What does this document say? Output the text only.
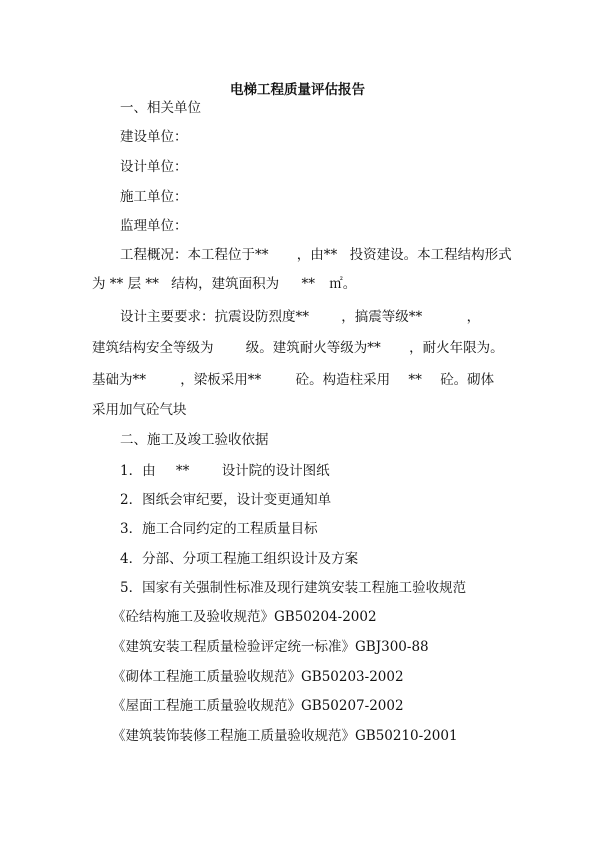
电梯工程质量评估报告
一、相关单位
建设单位：
设计单位：
施工单位：
监理单位：
工程概况：本工程位于** ，由** 投资建设。本工程结构形式
为 ** 层 ** 结构，建筑面积为 ** ㎡。
设计主要要求：抗震设防烈度** ，搞震等级**	，
建筑结构安全等级为 级。建筑耐火等级为** ，耐火年限为。
基础为**	，梁板采用**	砼。构造柱采用 ** 砼。砌体
采用加气砼气块
二、施工及竣工验收依据
1．由 ** 设计院的设计图纸
2．图纸会审纪要，设计变更通知单
3．施工合同约定的工程质量目标
4．分部、分项工程施工组织设计及方案
5．国家有关强制性标准及现行建筑安装工程施工验收规范
《砼结构施工及验收规范》GB50204-2002
《建筑安装工程质量检验评定统一标准》GBJ300-88
《砌体工程施工质量验收规范》GB50203-2002
《屋面工程施工质量验收规范》GB50207-2002
《建筑装饰装修工程施工质量验收规范》GB50210-2001
